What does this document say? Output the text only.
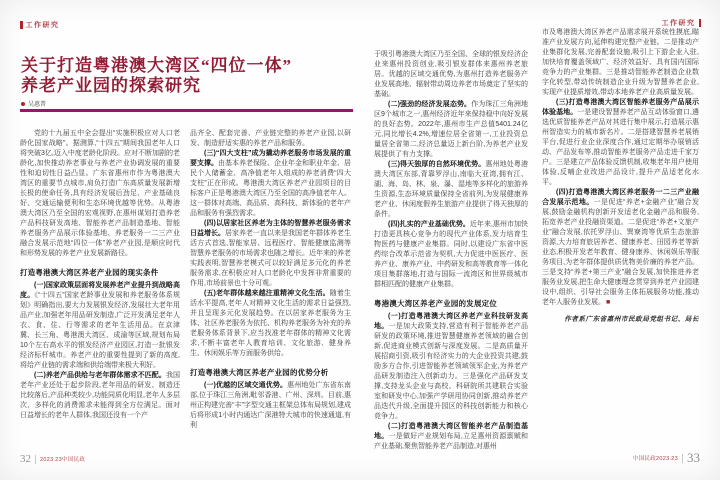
工作研究	工作研究
关于打造粤港澳大湾区“四位一体”
养老产业园的探索研究
吴惠普

党的十九届五中全会提出“实施积极应对人口老龄化国家战略”。据测算,“十四五”期间我国老年人口将突破3亿,迈入中度老龄化阶段。应对不断加剧的老龄化,加快推动养老事业与养老产业协调发展的重要性和迫切性日益凸显。广东省惠州市作为粤港澳大湾区的重要节点城市,肩负打造广东高质量发展新增长极的使命任务,具有经济发展后劲足、产业基础良好、交通运输便利和生态环境优越等优势。从粤港澳大湾区乃至全国的宏观视野,在惠州谋划打造养老产品科技研发高地、智能养老产品制造基地、智能养老服务产品展示体验基地、养老服务一二三产业融合发展示范地“四位一体”养老产业园,是顺应时代和形势发展的养老产业发展新路径。

打造粤港澳大湾区养老产业园的现实条件

(一)国家政策层面将发展养老产业提升到战略高度。《“十四五”国家老龄事业发展和养老服务体系规划》明确指出,要大力发展银发经济,发展壮大老年用品产业,加强老年用品研发制造,广泛开发满足老年人衣、食、住、行等需求的老年生活用品。在京津冀、长三角、粤港澳大湾区、成渝等区域,规划布局10个左右高水平的银发经济产业园区,打造一批银发经济标杆城市。养老产业的重要性提到了新的高度,将给产业链的需求端和供给端带来极大利好。

(二)养老产品供给与老年群体需求不匹配。我国老年产业还处于起步阶段,老年用品的研发、制造还比较落后,产品种类较少,功能同质化明显,老年人多层次、多样化的消费需求未能得到全方位满足。面对日益增长的老年人群体,我国还没有一个产

品齐全、配套完善、产业链完整的养老产业园,以研发、制造舒适实惠的养老产品和服务。

(三)“四大支柱”成为撬动养老服务市场发展的重要支撑。由基本养老保险、企业年金和职业年金、居民个人储蓄金、高净值老年人组成的养老消费“四大支柱”正在形成。粤港澳大湾区养老产业园项目的目标客户正是粤港澳大湾区乃至全国的高净值老年人。这一群体对高端、高品质、高科技、新体验的老年产品和服务有强烈需求。

(四)以居家社区养老为主体的智慧养老服务需求日益增长。居家养老一直以来是我国老年群体养老生活方式首选,智能家居、远程医疗、智能健康监测等智慧养老服务的市场需求也随之增长。近年来的养老实践表明,智慧养老模式可以较好满足多元化的养老服务需求,在积极应对人口老龄化中发挥非常重要的作用,市场前景也十分可观。

(五)老年群体越来越注重精神文化生活。随着生活水平提高,老年人对精神文化生活的需求日益强烈,并且呈现多元化发展趋势。在以居家养老服务为主体、社区养老服务为依托、机构养老服务为补充的养老服务体系背景下,应当找准老年群体的精神文化需求,不断丰富老年人教育培训、文化旅游、健身养生、休闲娱乐等方面服务供给。

打造粤港澳大湾区养老产业园的优势分析

(一)优越的区域交通优势。惠州地处广东省东南部,位于珠江三角洲,毗邻香港、广州、深圳。目前,惠州正构建完善“丰”字型交通主框架总体布局规划,建成后将形成1小时内通达广深港特大城市的快速通道,有利

于吸引粤港澳大湾区乃至全国、全球的银发经济企业来惠州投资创业,吸引银发群体来惠州养老旅居。优越的区域交通优势,为惠州打造养老服务产业发展高地、辐射带动周边养老市场奠定了坚实的基础。

(二)强劲的经济发展态势。作为珠江三角洲地区9个城市之一,惠州经济近年来保持稳中向好发展的良好态势。2022年,惠州市生产总值5401.24亿元,同比增长4.2%,增速位居全省第一,工业投资总量居全省第二,经济总量迈上新台阶,为养老产业发展提供了有力支撑。

(三)得天独厚的自然环境优势。惠州地处粤港澳大湾区东部,背靠罗浮山,南临大亚湾,拥有江、湖、海、岛、林、泉、瀑、湿地等多样化的旅游养生资源,生态环境质量保持全省前列,为发展健康养老产业、休闲度假养生旅游产业提供了得天独厚的条件。

(四)扎实的产业基础优势。近年来,惠州市加快打造更具核心竞争力的现代产业体系,发力培育生物医药与健康产业集群。同时,以建设广东省中医药综合改革示范省为契机,大力促进中医医疗、医养产业、康养产业、中药研发和高等教育等一体化项目集群落地,打造与国际一流湾区和世界级城市群相匹配的健康产业集群。

粤港澳大湾区养老产业园的发展定位

(一)打造粤港澳大湾区养老产业科技研发高地。一是加大政策支持,营造有利于智能养老产品研发的政策环境,推进智慧健康养老领域的融合创新,促进商业模式创新与深度发展。二是高质量开展招商引资,吸引有经济实力的大企业投资共建,鼓励多方合作,引进智能养老领域领军企业,为养老产品研发制造注入创新动力。三是强化产品研发支撑,支持龙头企业与高校、科研院所共建联合实验室和研发中心,加强产学研用协同创新,推动养老产品迭代升级,全面提升园区的科技创新能力和核心竞争力。

(二)打造粤港澳大湾区智能养老产品制造基地。一是做好产业规划布局,立足惠州资源禀赋和产业基础,聚焦智能养老产品制造,对惠州

市及粤港澳大湾区养老产品需求展开系统性摸底,瞄准产业发展方向,延伸构建完整产业链。二是推动产业集群化发展,完善配套设施,吸引上下游企业入驻,加快培育覆盖领域广、经济效益好、具有国内国际竞争力的产业集群。三是推动智能养老制造企业数字化转型,带动传统制造企业升级为智慧养老企业,实现产业提质增效,带动本地养老产业高质量发展。

(三)打造粤港澳大湾区智能养老服务产品展示体验基地。一是建设智慧养老产品互动体验窗口,遴选优质智能养老产品对其进行集中展示,打造展示惠州智造实力的城市新名片。二是搭建智慧养老展销平台,促进行业企业深度合作,通过定期举办展销活动、产品发布等,推动智能养老服务产品走进千家万户。三是建立产品体验反馈机制,收集老年用户使用体验,反哺企业改进产品设计,提升产品适老化水平。

(四)打造粤港澳大湾区养老服务一二三产业融合发展示范地。一是促进“养老+金融产业”融合发展,鼓励金融机构创新开发适老化金融产品和服务,拓宽养老产业投融资渠道。二是促进“养老+文旅产业”融合发展,依托罗浮山、巽寮湾等优质生态旅游资源,大力培育旅居养老、健康养老、田园养老等新业态,积极开发老年教育、健身康养、休闲娱乐等服务项目,为老年群体提供质优物美价廉的养老产品。三是支持“养老+第三产业”融合发展,加快推进养老服务业发展,把生命大健康理念贯穿到养老产业园建设中,组织、引导社会服务主体拓展服务功能,推动老年人服务业发展。■

作者系广东省惠州市民政局党组书记、局长
32 2023.23中国民政	中国民政2023.23 33
